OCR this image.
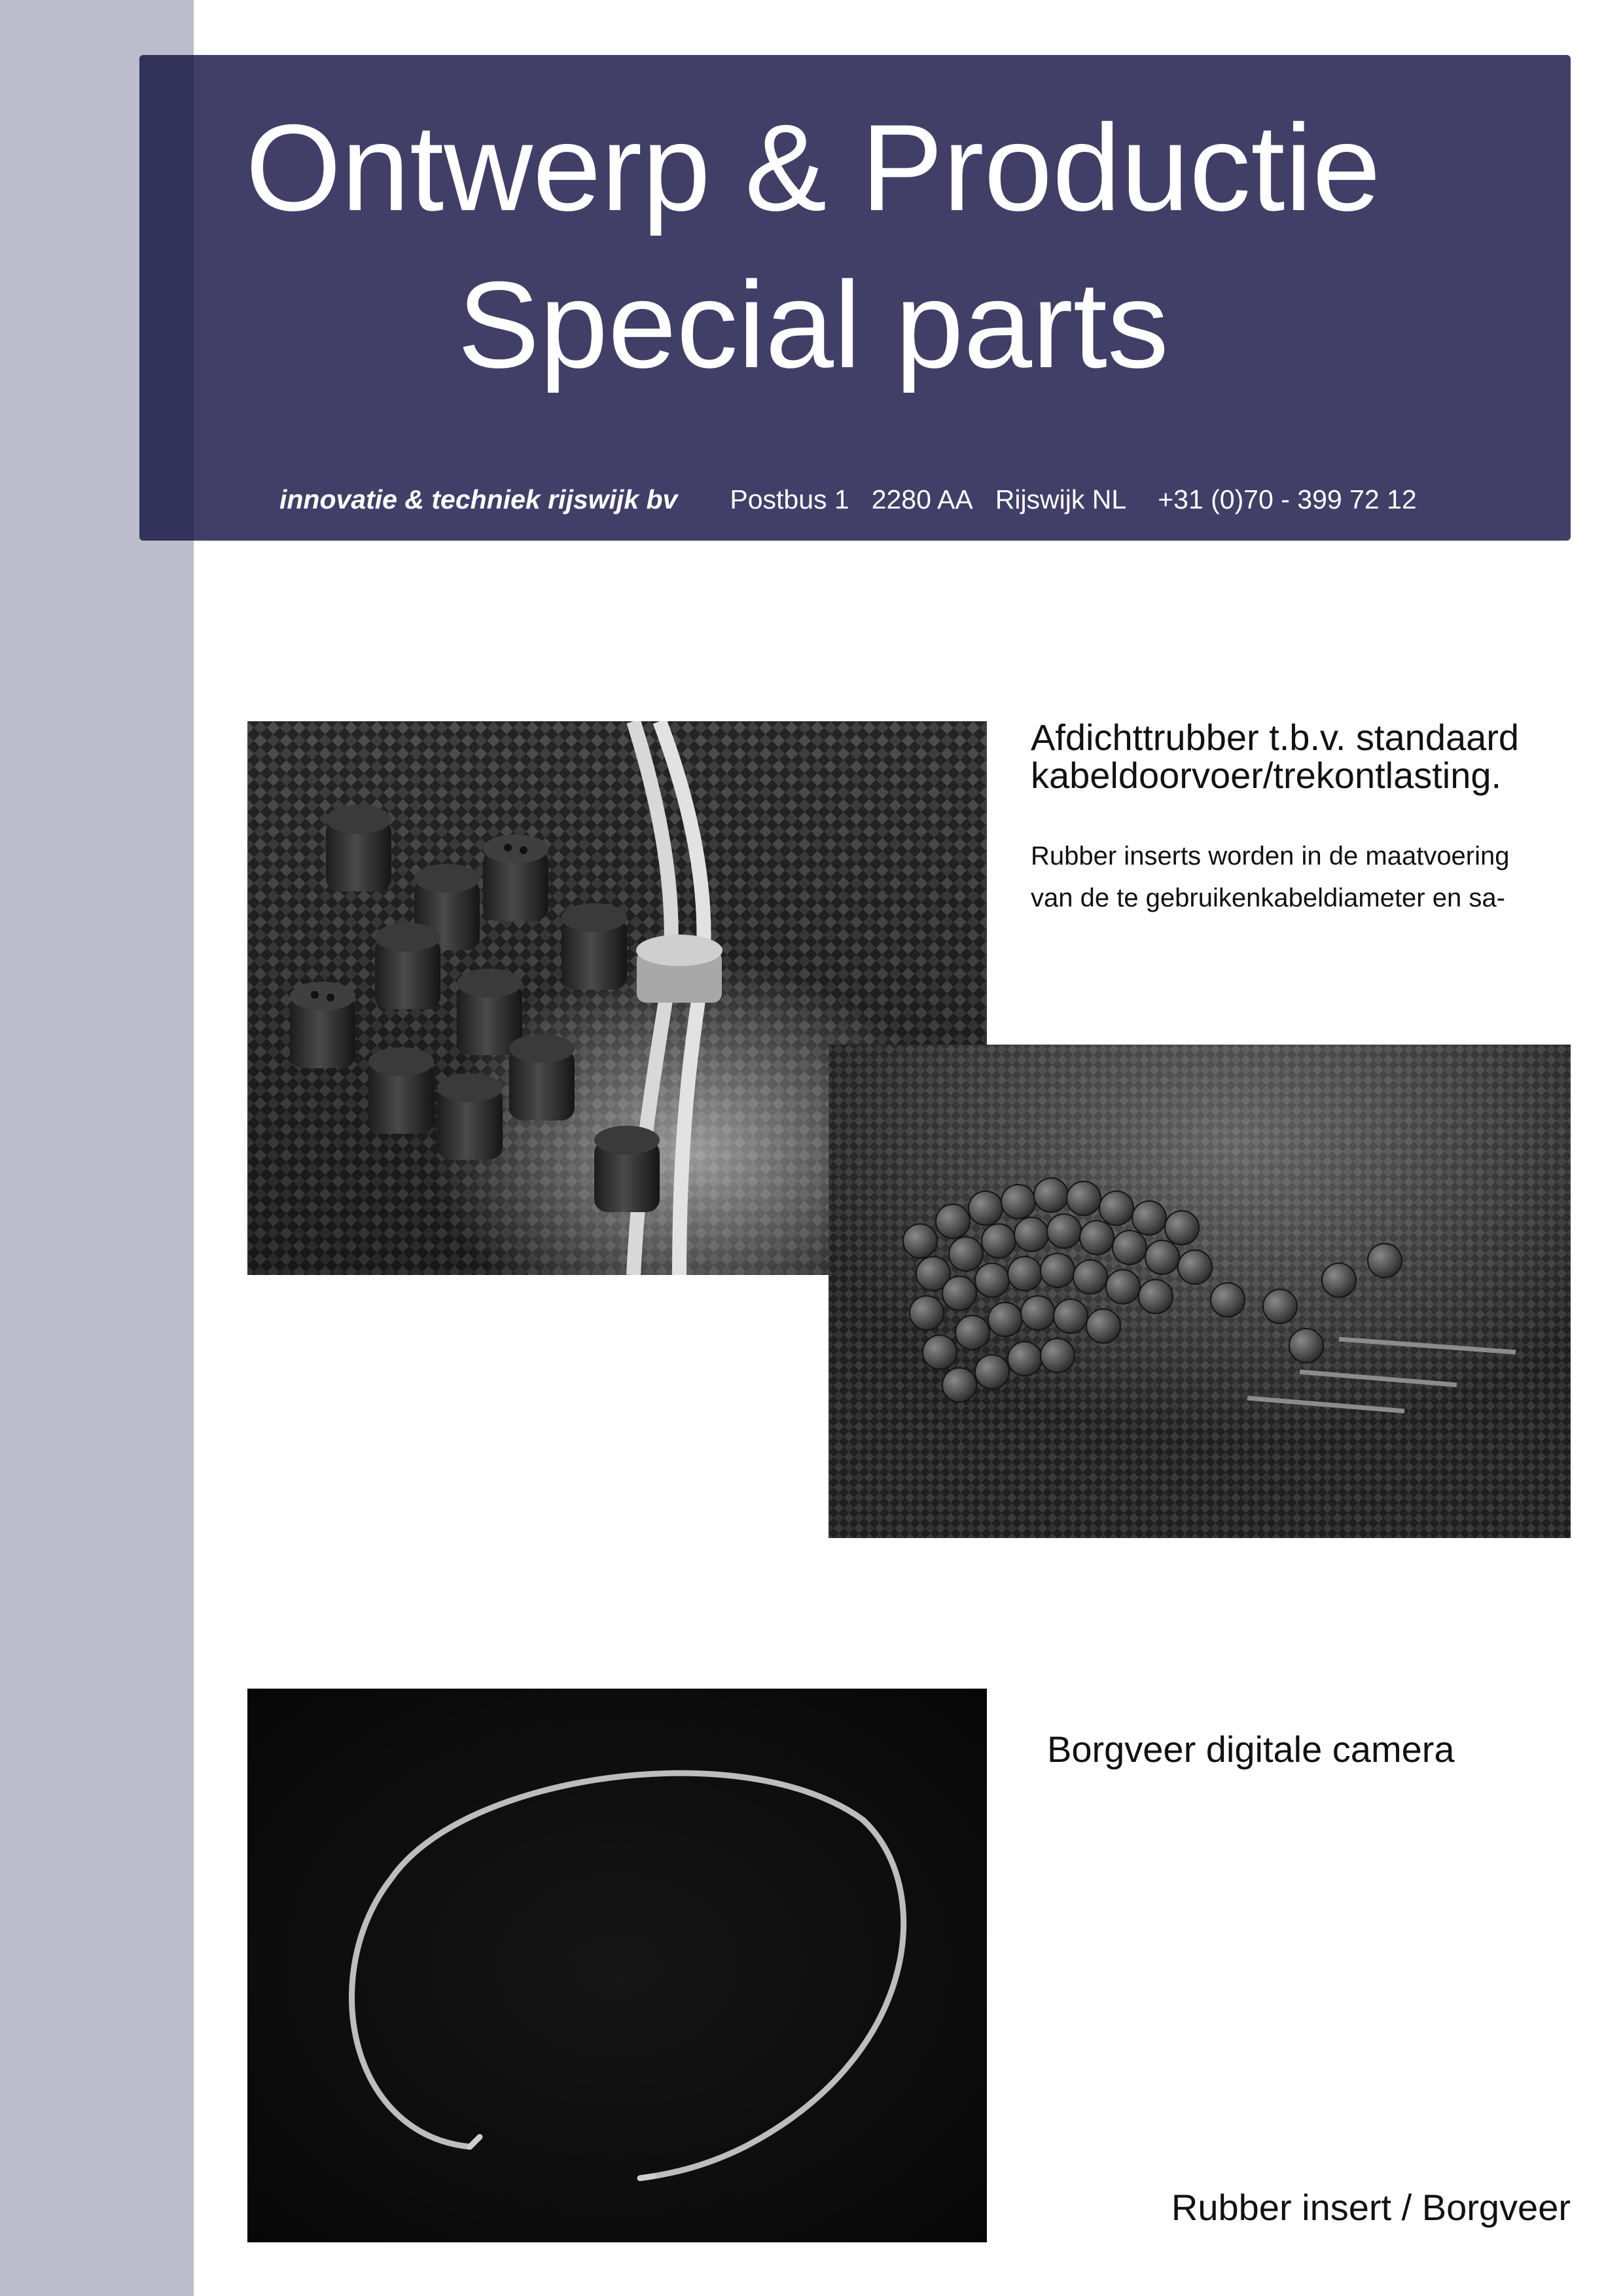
Ontwerp & Productie
Special parts
innovatie & techniek rijswijk bv Postbus 1 2280 AA Rijswijk NL +31 (0)70 - 399 72 12
Afdichttrubber t.b.v. standaard
kabeldoorvoer/trekontlasting.

Rubber inserts worden in de maatvoering
van de te gebruikenkabeldiameter en sa-

Borgveer digitale camera
Rubber insert / Borgveer
